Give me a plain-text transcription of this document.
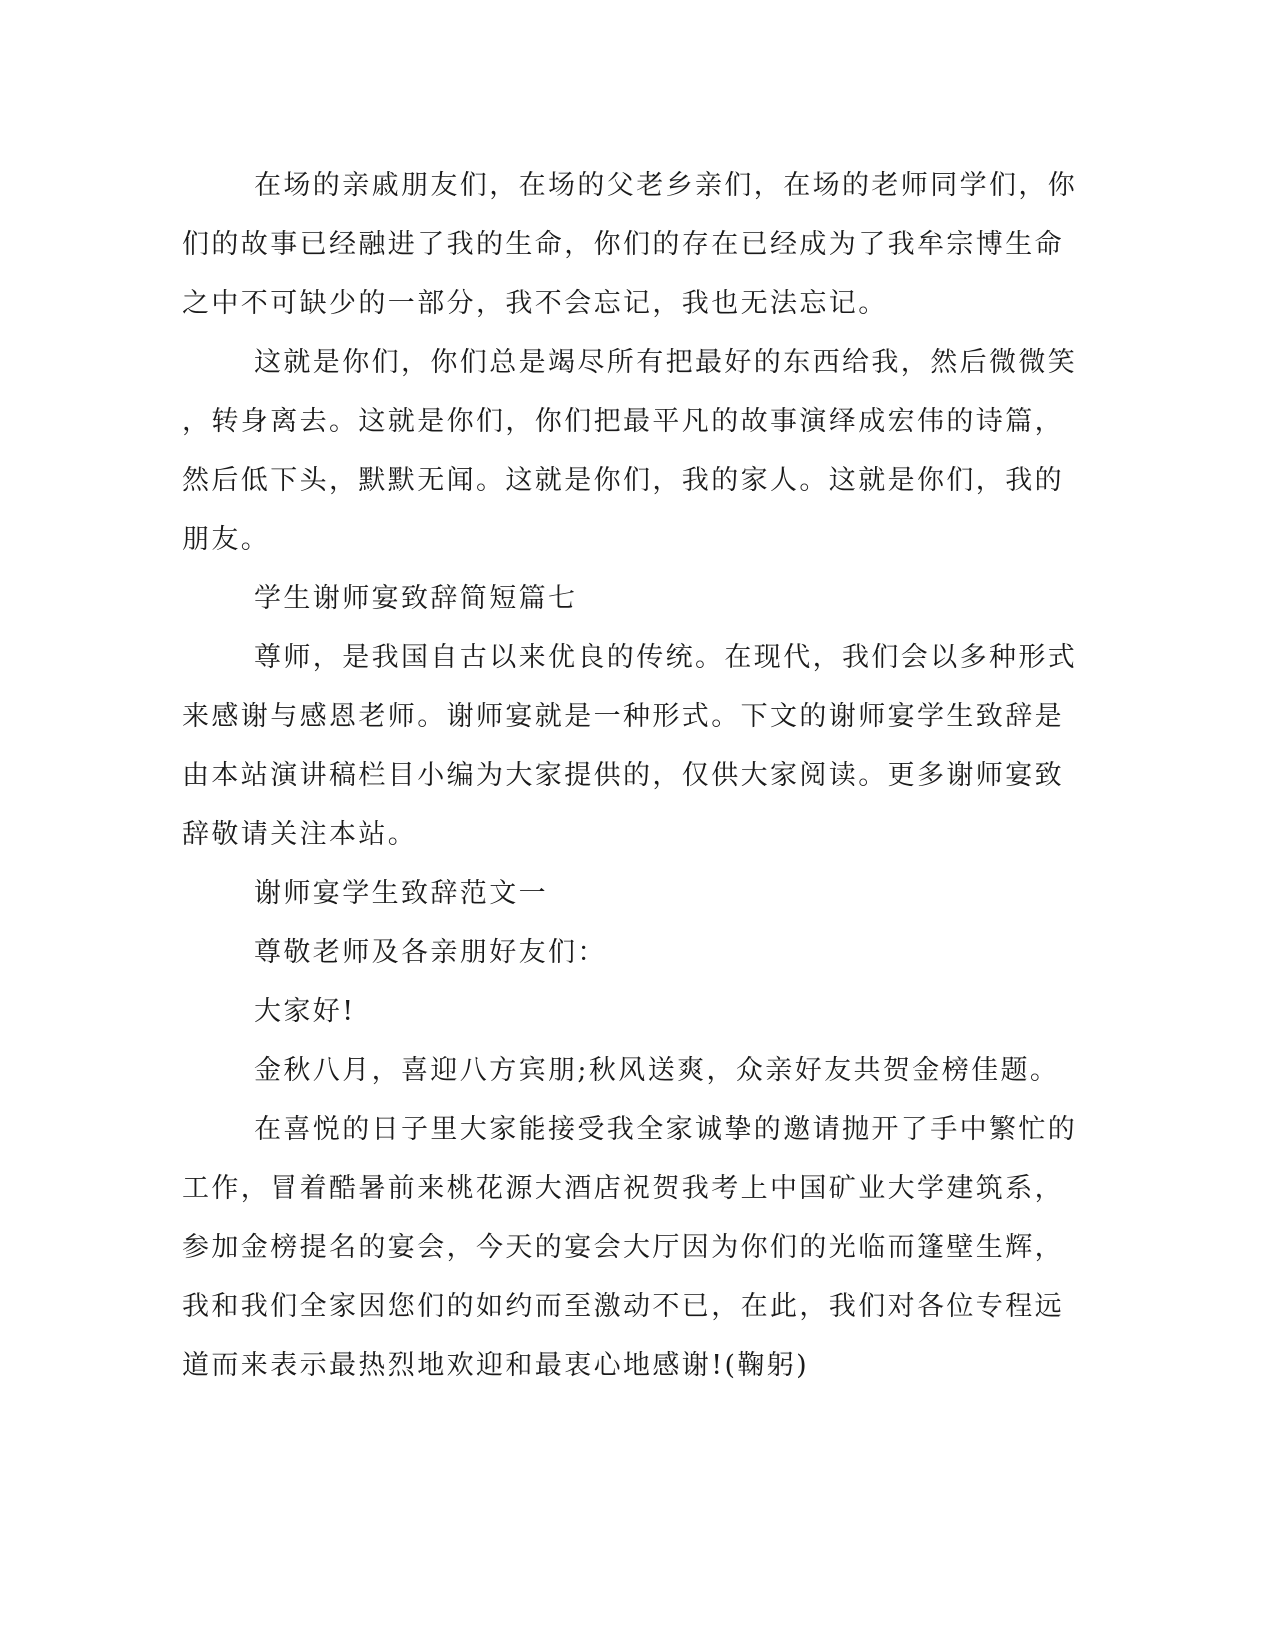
在场的亲戚朋友们，在场的父老乡亲们，在场的老师同学们，你
们的故事已经融进了我的生命，你们的存在已经成为了我牟宗博生命
之中不可缺少的一部分，我不会忘记，我也无法忘记。
这就是你们，你们总是竭尽所有把最好的东西给我，然后微微笑
，转身离去。这就是你们，你们把最平凡的故事演绎成宏伟的诗篇，
然后低下头，默默无闻。这就是你们，我的家人。这就是你们，我的
朋友。
学生谢师宴致辞简短篇七
尊师，是我国自古以来优良的传统。在现代，我们会以多种形式
来感谢与感恩老师。谢师宴就是一种形式。下文的谢师宴学生致辞是
由本站演讲稿栏目小编为大家提供的，仅供大家阅读。更多谢师宴致
辞敬请关注本站。
谢师宴学生致辞范文一
尊敬老师及各亲朋好友们：
大家好!
金秋八月，喜迎八方宾朋;秋风送爽，众亲好友共贺金榜佳题。
在喜悦的日子里大家能接受我全家诚挚的邀请抛开了手中繁忙的
工作，冒着酷暑前来桃花源大酒店祝贺我考上中国矿业大学建筑系，
参加金榜提名的宴会，今天的宴会大厅因为你们的光临而篷壁生辉，
我和我们全家因您们的如约而至激动不已，在此，我们对各位专程远
道而来表示最热烈地欢迎和最衷心地感谢!(鞠躬)
